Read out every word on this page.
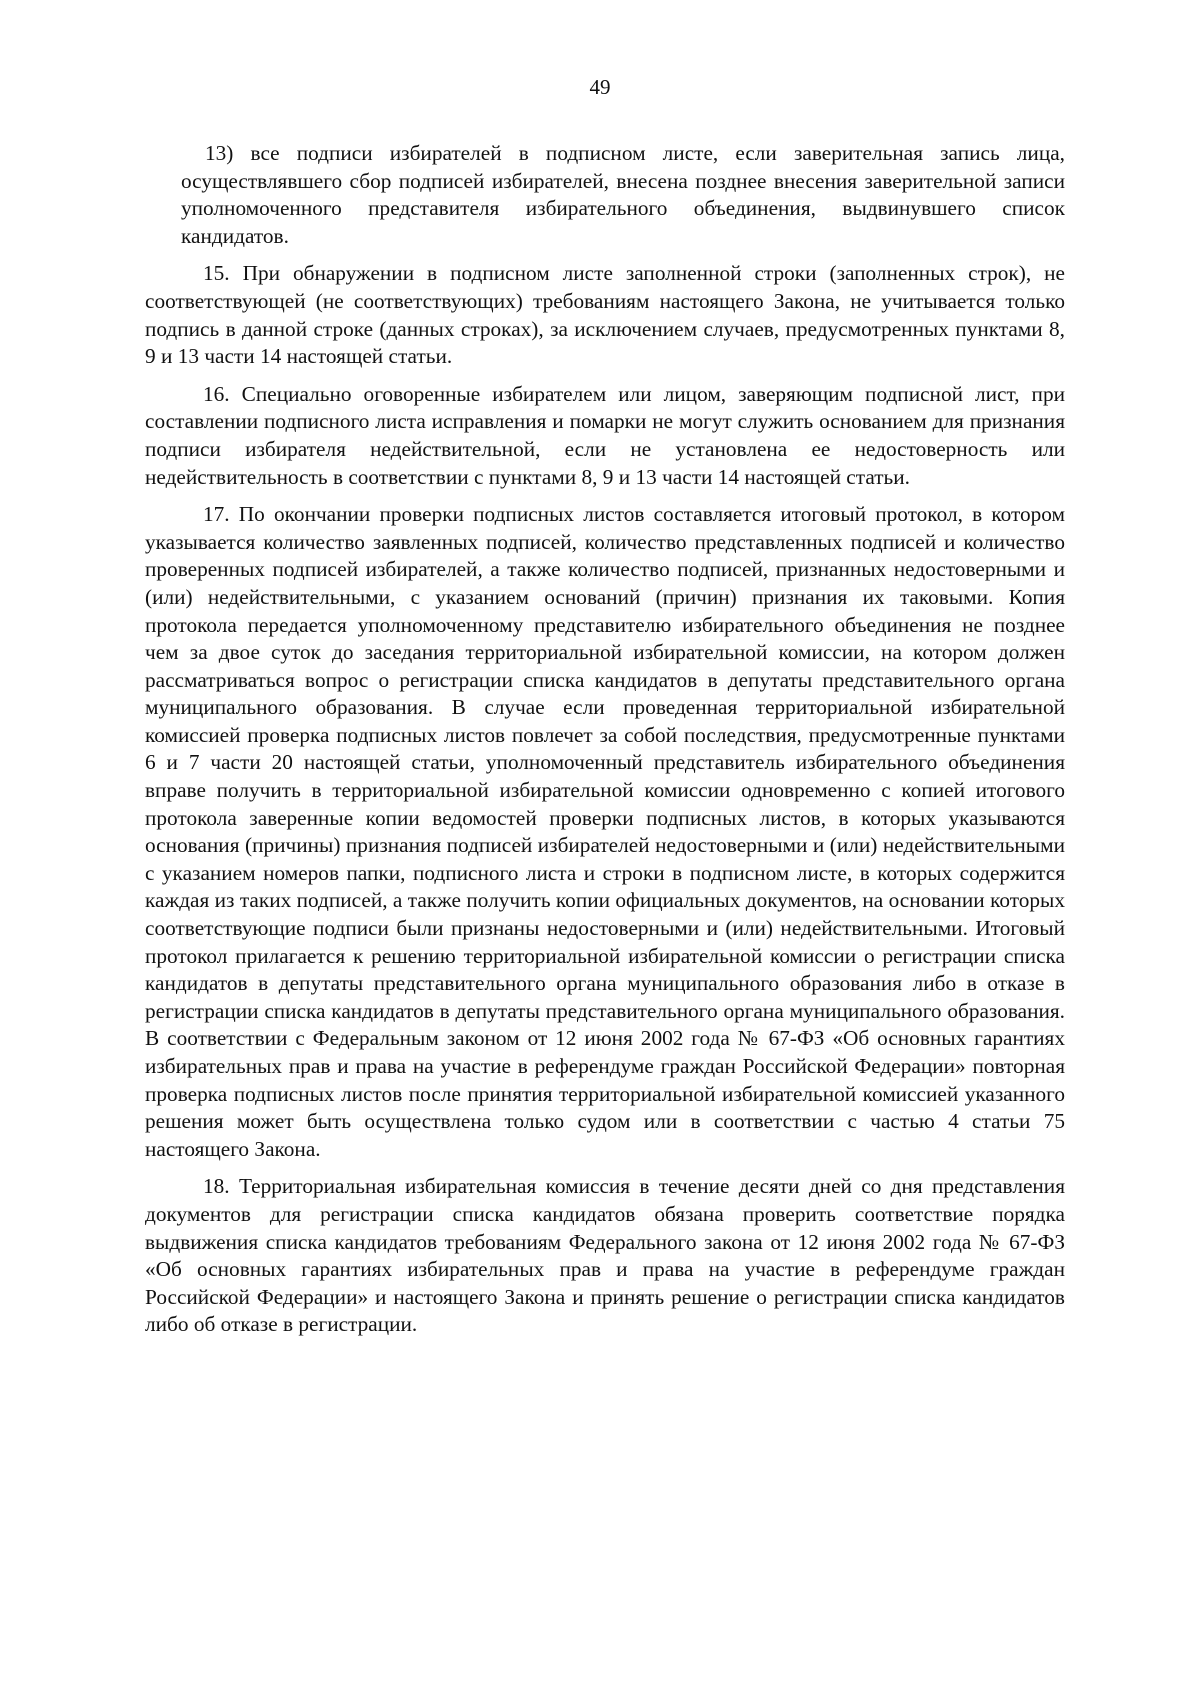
49

13) все подписи избирателей в подписном листе, если заверительная запись лица, осуществлявшего сбор подписей избирателей, внесена позднее внесения заверительной записи уполномоченного представителя избирательного объединения, выдвинувшего список кандидатов.

15. При обнаружении в подписном листе заполненной строки (заполненных строк), не соответствующей (не соответствующих) требованиям настоящего Закона, не учитывается только подпись в данной строке (данных строках), за исключением случаев, предусмотренных пунктами 8, 9 и 13 части 14 настоящей статьи.

16. Специально оговоренные избирателем или лицом, заверяющим подписной лист, при составлении подписного листа исправления и помарки не могут служить основанием для признания подписи избирателя недействительной, если не установлена ее недостоверность или недействительность в соответствии с пунктами 8, 9 и 13 части 14 настоящей статьи.

17. По окончании проверки подписных листов составляется итоговый протокол, в котором указывается количество заявленных подписей, количество представленных подписей и количество проверенных подписей избирателей, а также количество подписей, признанных недостоверными и (или) недействительными, с указанием оснований (причин) признания их таковыми. Копия протокола передается уполномоченному представителю избирательного объединения не позднее чем за двое суток до заседания территориальной избирательной комиссии, на котором должен рассматриваться вопрос о регистрации списка кандидатов в депутаты представительного органа муниципального образования. В случае если проведенная территориальной избирательной комиссией проверка подписных листов повлечет за собой последствия, предусмотренные пунктами 6 и 7 части 20 настоящей статьи, уполномоченный представитель избирательного объединения вправе получить в территориальной избирательной комиссии одновременно с копией итогового протокола заверенные копии ведомостей проверки подписных листов, в которых указываются основания (причины) признания подписей избирателей недостоверными и (или) недействительными с указанием номеров папки, подписного листа и строки в подписном листе, в которых содержится каждая из таких подписей, а также получить копии официальных документов, на основании которых соответствующие подписи были признаны недостоверными и (или) недействительными. Итоговый протокол прилагается к решению территориальной избирательной комиссии о регистрации списка кандидатов в депутаты представительного органа муниципального образования либо в отказе в регистрации списка кандидатов в депутаты представительного органа муниципального образования. В соответствии с Федеральным законом от 12 июня 2002 года № 67-ФЗ «Об основных гарантиях избирательных прав и права на участие в референдуме граждан Российской Федерации» повторная проверка подписных листов после принятия территориальной избирательной комиссией указанного решения может быть осуществлена только судом или в соответствии с частью 4 статьи 75 настоящего Закона.

18. Территориальная избирательная комиссия в течение десяти дней со дня представления документов для регистрации списка кандидатов обязана проверить соответствие порядка выдвижения списка кандидатов требованиям Федерального закона от 12 июня 2002 года № 67-ФЗ «Об основных гарантиях избирательных прав и права на участие в референдуме граждан Российской Федерации» и настоящего Закона и принять решение о регистрации списка кандидатов либо об отказе в регистрации.
